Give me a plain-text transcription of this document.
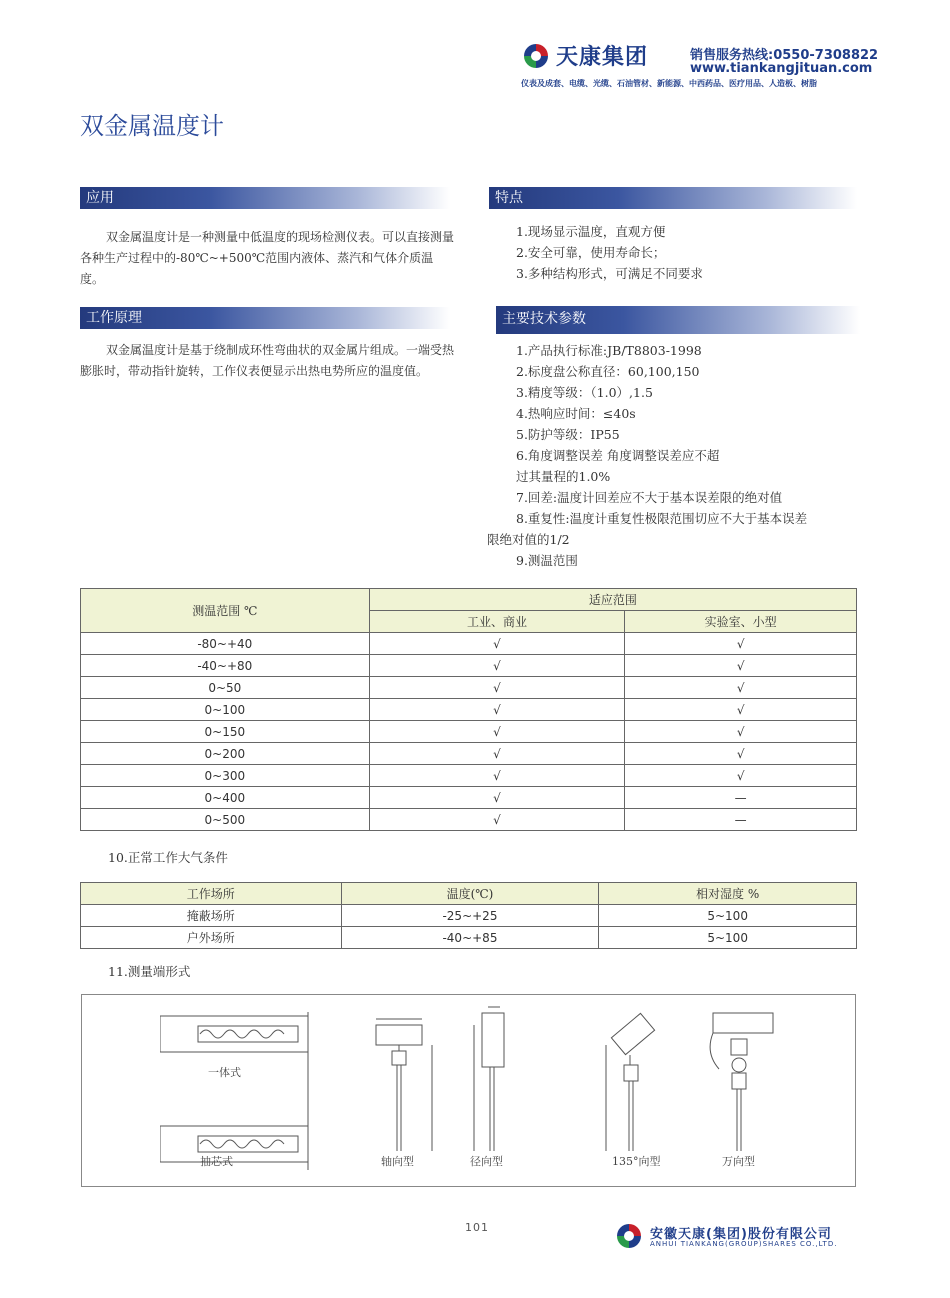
天康集团	销售服务热线:0550-7308822
www.tiankangjituan.com
仪表及成套、电缆、光缆、石油管材、新能源、中西药品、医疗用品、人造板、树脂
双金属温度计
应用
双金属温度计是一种测量中低温度的现场检测仪表。可以直接测量各种生产过程中的-80℃~+500℃范围内液体、蒸汽和气体介质温度。
工作原理
双金属温度计是基于绕制成环性弯曲状的双金属片组成。一端受热膨胀时，带动指针旋转，工作仪表便显示出热电势所应的温度值。
特点
1.现场显示温度，直观方便
2.安全可靠，使用寿命长；
3.多种结构形式，可满足不同要求
主要技术参数
1.产品执行标准:JB/T8803-1998
2.标度盘公称直径：60,100,150
3.精度等级：（1.0）,1.5
4.热响应时间：≤40s
5.防护等级：IP55
6.角度调整误差 角度调整误差应不超
过其量程的1.0%
7.回差:温度计回差应不大于基本误差限的绝对值
8.重复性:温度计重复性极限范围切应不大于基本误差
限绝对值的1/2
9.测温范围
测温范围 ℃	适应范围	
	工业、商业	实验室、小型
-80~+40	√	√
-40~+80	√	√
0~50	√	√
0~100	√	√
0~150	√	√
0~200	√	√
0~300	√	√
0~400	√	—
0~500	√	—
10.正常工作大气条件
工作场所	温度(℃)	相对湿度 %
掩蔽场所	-25~+25	5~100
户外场所	-40~+85	5~100
11.测量端形式
一体式
抽芯式	轴向型	径向型	135°向型	万向型
101	安徽天康(集团)股份有限公司
ANHUI TIANKANG(GROUP)SHARES CO.,LTD.
